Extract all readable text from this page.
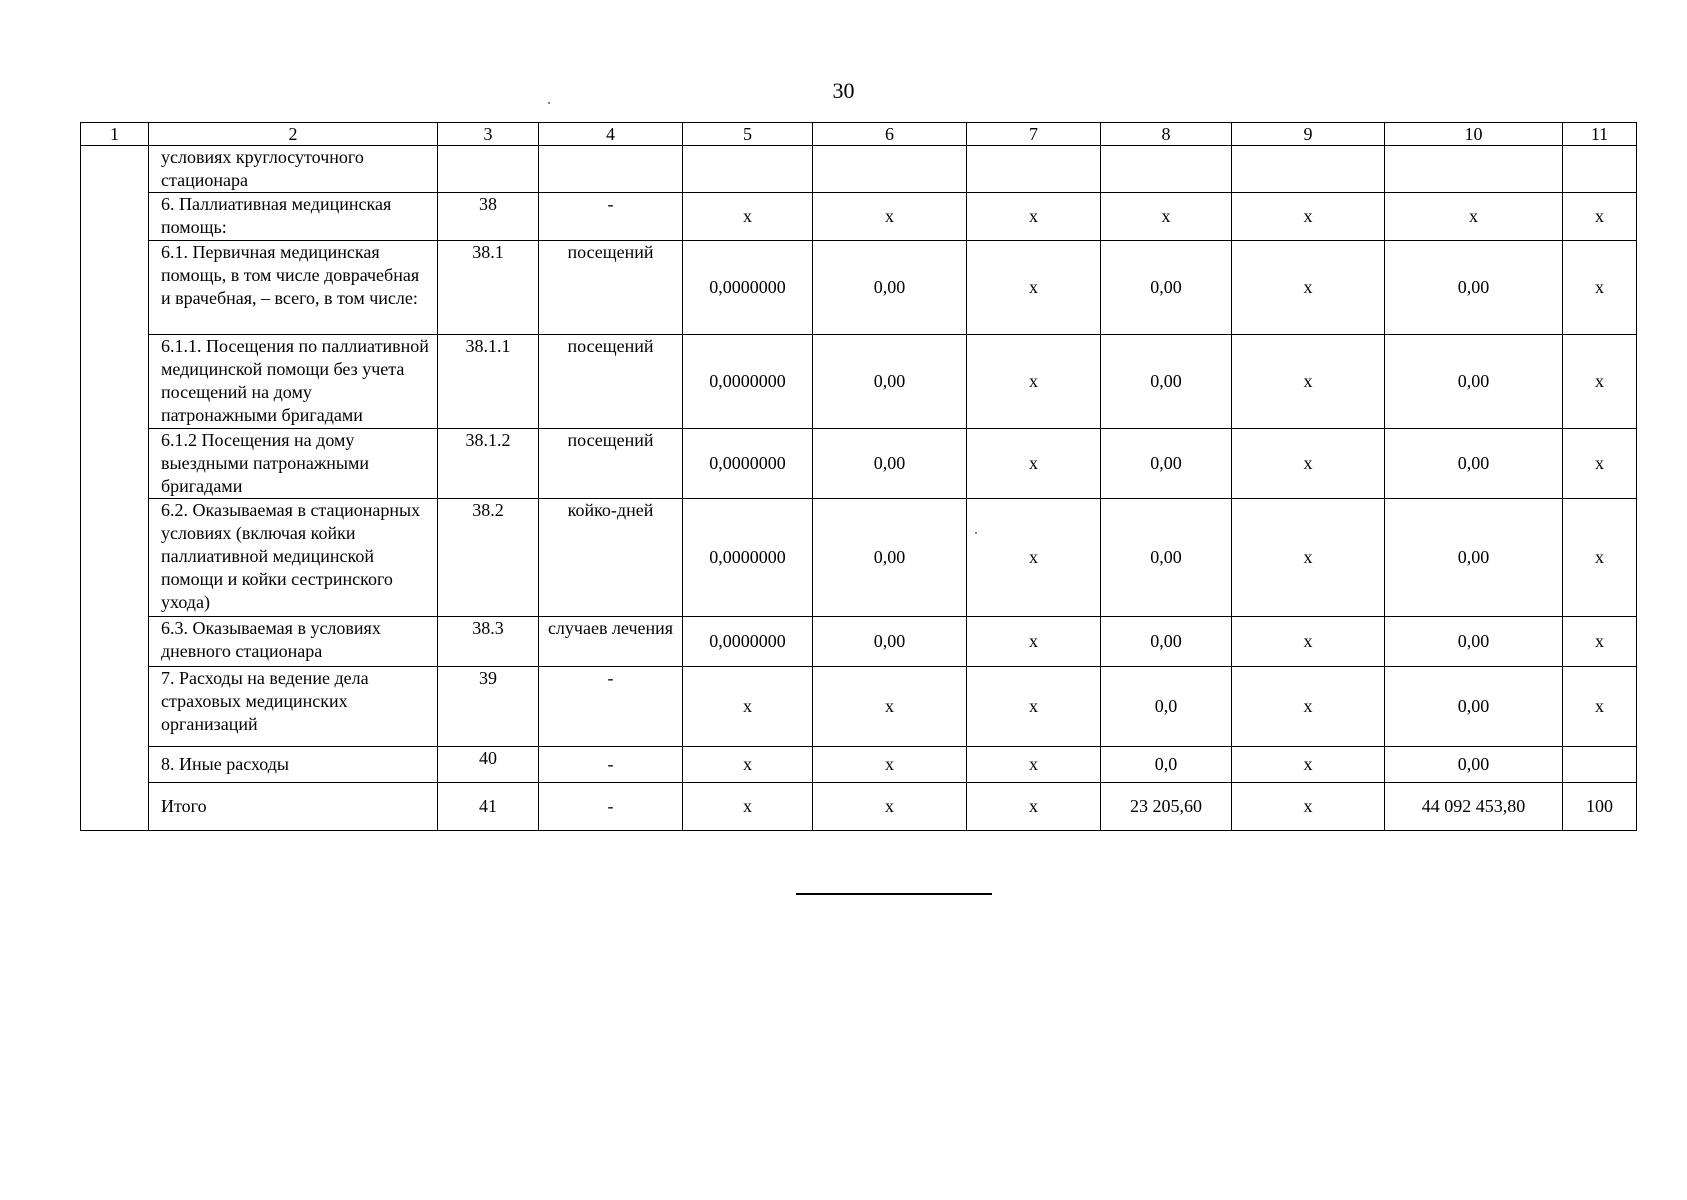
30
1	2	3	4	5	6	7	8	9	10	11
	условиях круглосуточного стационара									
	6. Паллиативная медицинская помощь:	38	-	х	х	х	х	х	х	х
	6.1. Первичная медицинская помощь, в том числе доврачебная и врачебная, – всего, в том числе:	38.1	посещений	0,0000000	0,00	х	0,00	х	0,00	х
	6.1.1. Посещения по паллиативной медицинской помощи без учета посещений на дому патронажными бригадами	38.1.1	посещений	0,0000000	0,00	х	0,00	х	0,00	х
	6.1.2 Посещения на дому выездными патронажными бригадами	38.1.2	посещений	0,0000000	0,00	х	0,00	х	0,00	х
	6.2. Оказываемая в стационарных условиях (включая койки паллиативной медицинской помощи и койки сестринского ухода)	38.2	койко-дней	0,0000000	0,00	х	0,00	х	0,00	х
	6.3. Оказываемая в условиях дневного стационара	38.3	случаев лечения	0,0000000	0,00	х	0,00	х	0,00	х
	7. Расходы на ведение дела страховых медицинских организаций	39	-	х	х	х	0,0	х	0,00	х
	8. Иные расходы	40	-	х	х	х	0,0	х	0,00	
	Итого	41	-	х	х	х	23 205,60	х	44 092 453,80	100
